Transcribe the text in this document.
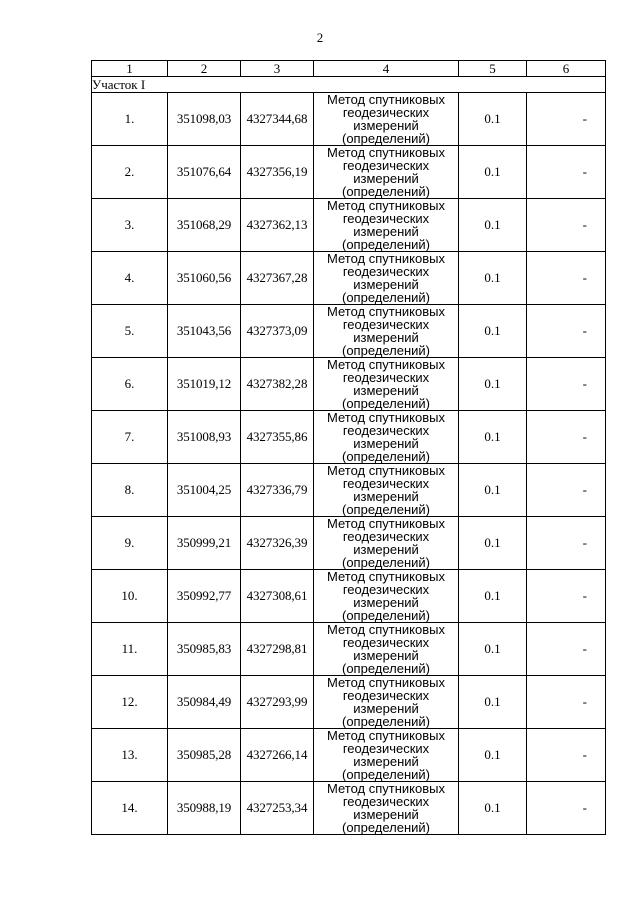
2
1	2	3	4	5	6
Участок I					
1.	351098,03	4327344,68	Метод спутниковых геодезических измерений (определений)	0.1	-
2.	351076,64	4327356,19	Метод спутниковых геодезических измерений (определений)	0.1	-
3.	351068,29	4327362,13	Метод спутниковых геодезических измерений (определений)	0.1	-
4.	351060,56	4327367,28	Метод спутниковых геодезических измерений (определений)	0.1	-
5.	351043,56	4327373,09	Метод спутниковых геодезических измерений (определений)	0.1	-
6.	351019,12	4327382,28	Метод спутниковых геодезических измерений (определений)	0.1	-
7.	351008,93	4327355,86	Метод спутниковых геодезических измерений (определений)	0.1	-
8.	351004,25	4327336,79	Метод спутниковых геодезических измерений (определений)	0.1	-
9.	350999,21	4327326,39	Метод спутниковых геодезических измерений (определений)	0.1	-
10.	350992,77	4327308,61	Метод спутниковых геодезических измерений (определений)	0.1	-
11.	350985,83	4327298,81	Метод спутниковых геодезических измерений (определений)	0.1	-
12.	350984,49	4327293,99	Метод спутниковых геодезических измерений (определений)	0.1	-
13.	350985,28	4327266,14	Метод спутниковых геодезических измерений (определений)	0.1	-
14.	350988,19	4327253,34	Метод спутниковых геодезических измерений (определений)	0.1	-
